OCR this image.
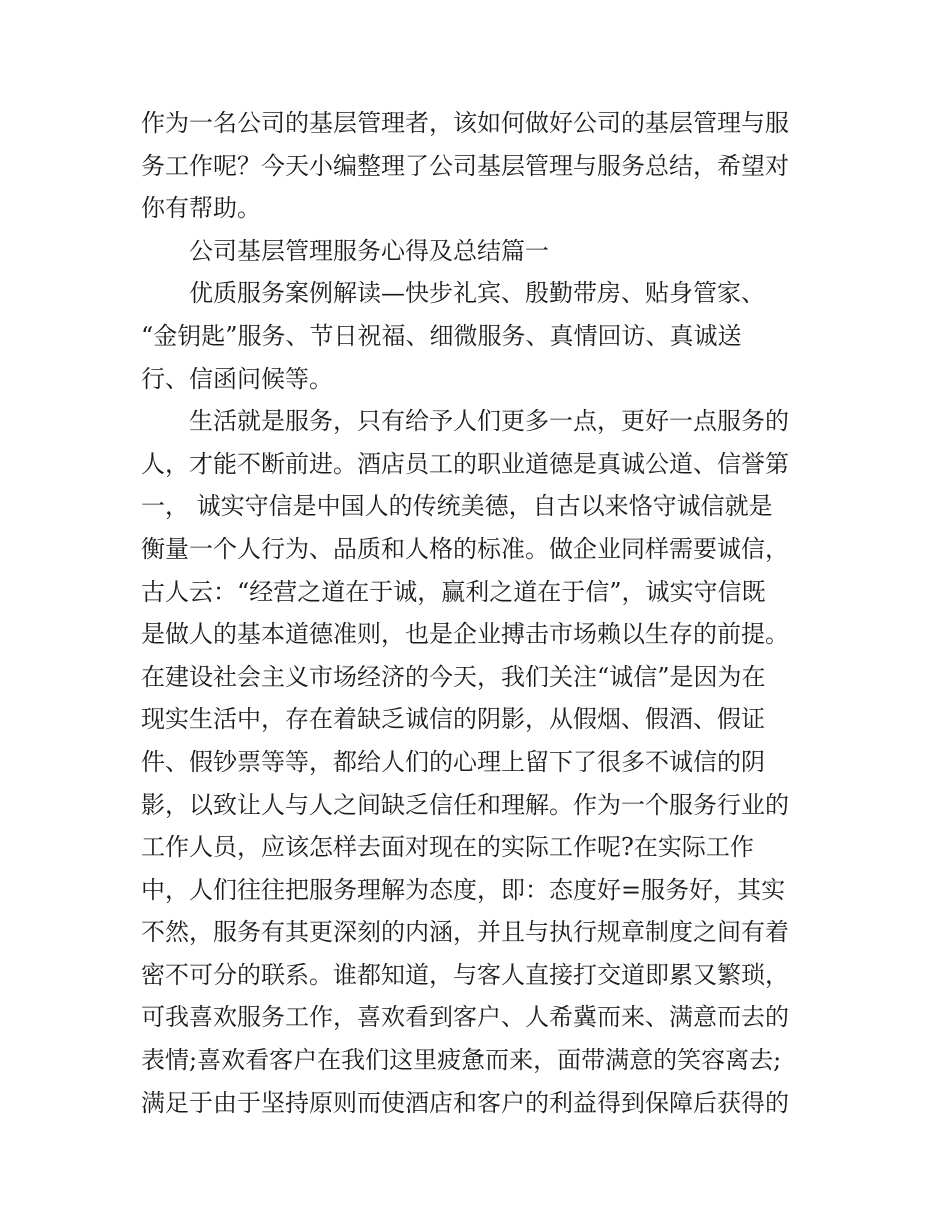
作为一名公司的基层管理者，该如何做好公司的基层管理与服
务工作呢？今天小编整理了公司基层管理与服务总结，希望对
你有帮助。
公司基层管理服务心得及总结篇一
优质服务案例解读—快步礼宾、殷勤带房、贴身管家、
“金钥匙”服务、节日祝福、细微服务、真情回访、真诚送
行、信函问候等。
生活就是服务，只有给予人们更多一点，更好一点服务的
人，才能不断前进。酒店员工的职业道德是真诚公道、信誉第
一， 诚实守信是中国人的传统美德，自古以来恪守诚信就是
衡量一个人行为、品质和人格的标准。做企业同样需要诚信，
古人云：“经营之道在于诚，赢利之道在于信”，诚实守信既
是做人的基本道德准则，也是企业搏击市场赖以生存的前提。
在建设社会主义市场经济的今天，我们关注“诚信”是因为在
现实生活中，存在着缺乏诚信的阴影，从假烟、假酒、假证
件、假钞票等等，都给人们的心理上留下了很多不诚信的阴
影，以致让人与人之间缺乏信任和理解。作为一个服务行业的
工作人员，应该怎样去面对现在的实际工作呢?在实际工作
中，人们往往把服务理解为态度，即：态度好=服务好，其实
不然，服务有其更深刻的内涵，并且与执行规章制度之间有着
密不可分的联系。谁都知道，与客人直接打交道即累又繁琐，
可我喜欢服务工作，喜欢看到客户、人希冀而来、满意而去的
表情;喜欢看客户在我们这里疲惫而来，面带满意的笑容离去;
满足于由于坚持原则而使酒店和客户的利益得到保障后获得的
